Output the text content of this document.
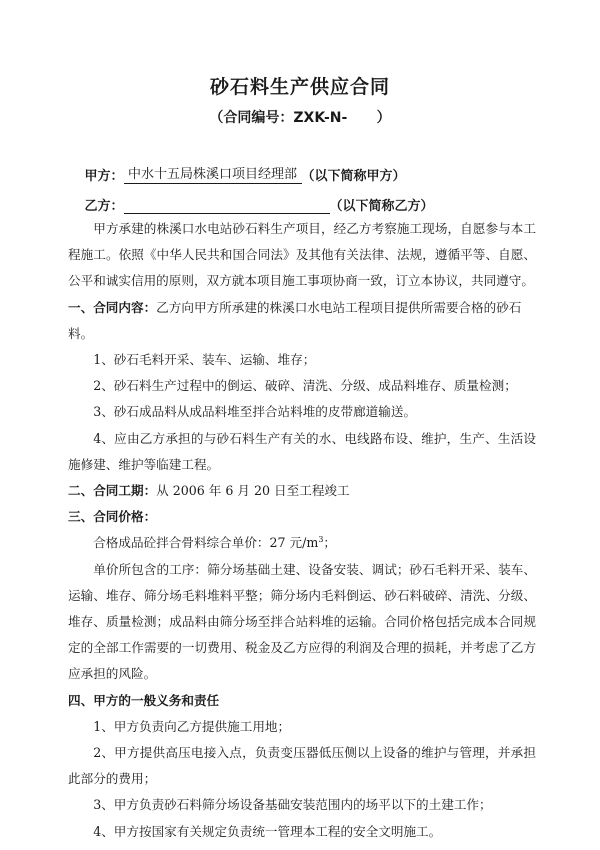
砂石料生产供应合同
（合同编号：ZXK-N-      ）

甲方： 中水十五局株溪口项目经理部 （以下简称甲方）

乙方：	（以下简称乙方）

甲方承建的株溪口水电站砂石料生产项目，经乙方考察施工现场，自愿参与本工程施工。依照《中华人民共和国合同法》及其他有关法律、法规，遵循平等、自愿、公平和诚实信用的原则，双方就本项目施工事项协商一致，订立本协议，共同遵守。

一、合同内容：乙方向甲方所承建的株溪口水电站工程项目提供所需要合格的砂石料。

1、砂石毛料开采、装车、运输、堆存；

2、砂石料生产过程中的倒运、破碎、清洗、分级、成品料堆存、质量检测；

3、砂石成品料从成品料堆至拌合站料堆的皮带廊道输送。

4、应由乙方承担的与砂石料生产有关的水、电线路布设、维护，生产、生活设施修建、维护等临建工程。

二、合同工期：从 2006 年 6 月 20 日至工程竣工

三、合同价格：

合格成品砼拌合骨料综合单价：27 元$/m^3$；

单价所包含的工序：筛分场基础土建、设备安装、调试；砂石毛料开采、装车、运输、堆存、筛分场毛料堆料平整；筛分场内毛料倒运、砂石料破碎、清洗、分级、堆存、质量检测；成品料由筛分场至拌合站料堆的运输。合同价格包括完成本合同规定的全部工作需要的一切费用、税金及乙方应得的利润及合理的损耗，并考虑了乙方应承担的风险。

四、甲方的一般义务和责任

1、甲方负责向乙方提供施工用地；

2、甲方提供高压电接入点，负责变压器低压侧以上设备的维护与管理，并承担此部分的费用；

3、甲方负责砂石料筛分场设备基础安装范围内的场平以下的土建工作；

4、甲方按国家有关规定负责统一管理本工程的安全文明施工。
